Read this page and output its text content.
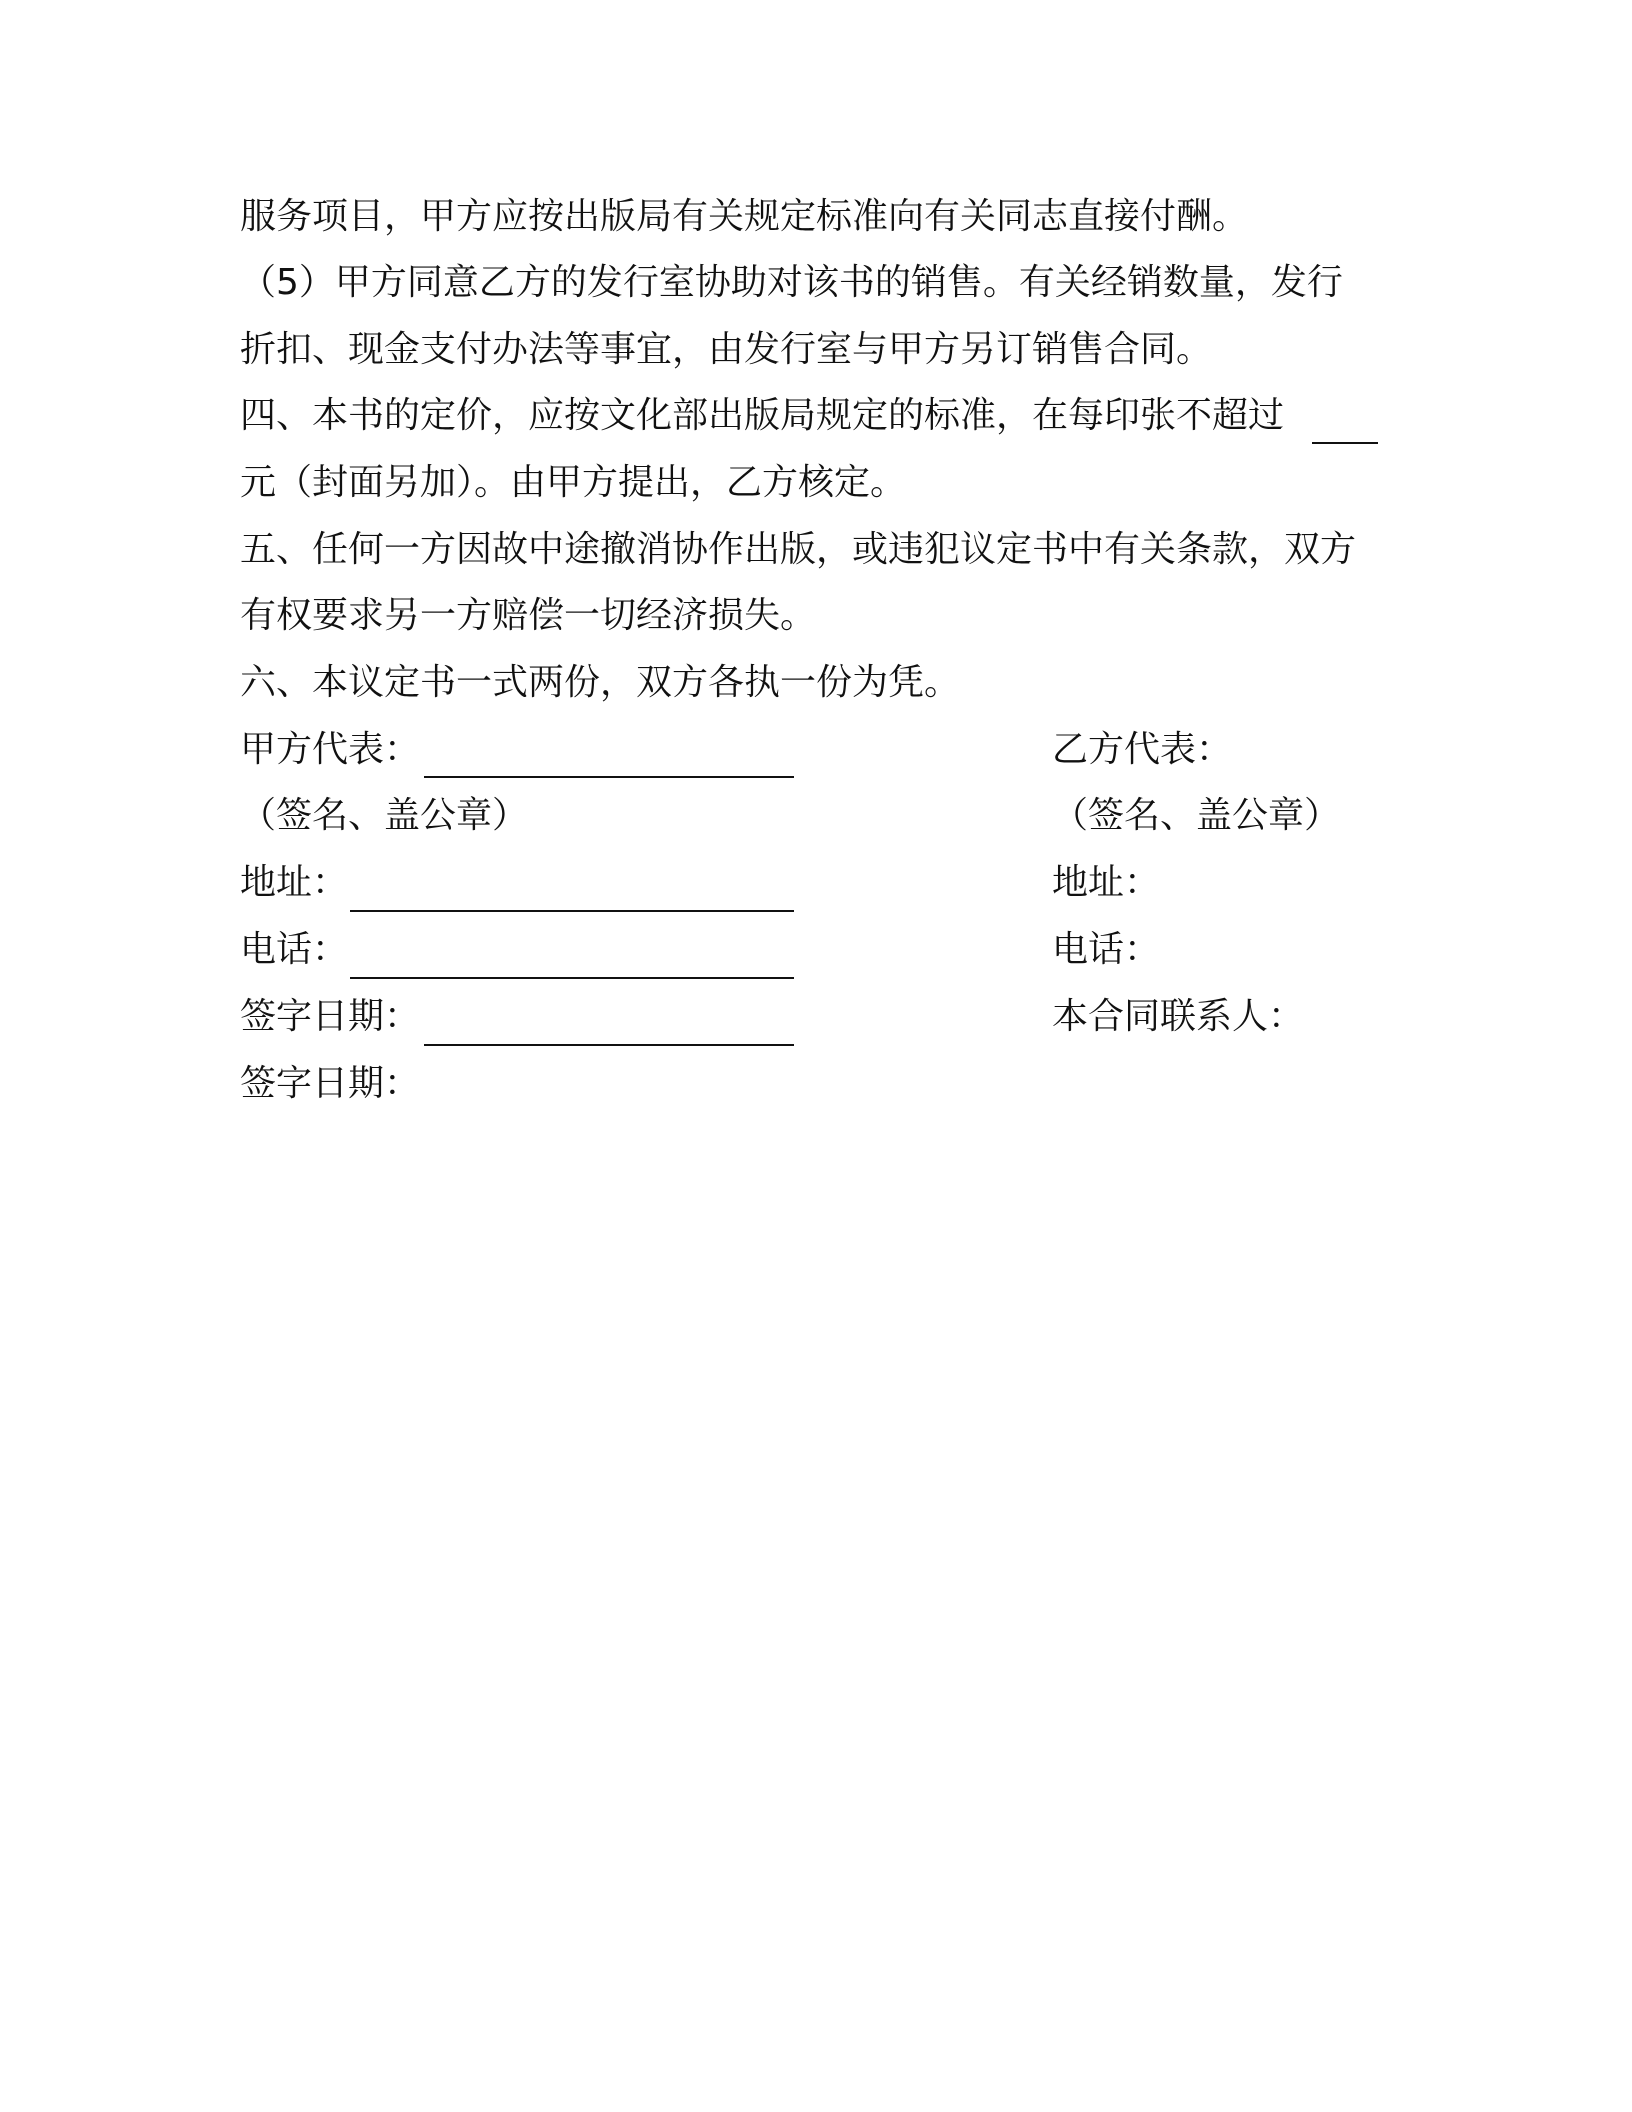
服务项目，甲方应按出版局有关规定标准向有关同志直接付酬。
（5）甲方同意乙方的发行室协助对该书的销售。有关经销数量，发行
折扣、现金支付办法等事宜，由发行室与甲方另订销售合同。
四、本书的定价，应按文化部出版局规定的标准，在每印张不超过
元（封面另加）。由甲方提出，乙方核定。
五、任何一方因故中途撤消协作出版，或违犯议定书中有关条款，双方
有权要求另一方赔偿一切经济损失。
六、本议定书一式两份，双方各执一份为凭。
甲方代表：
（签名、盖公章）
地址：
电话：
签字日期：
签字日期：
乙方代表：
（签名、盖公章）
地址：
电话：
本合同联系人：
